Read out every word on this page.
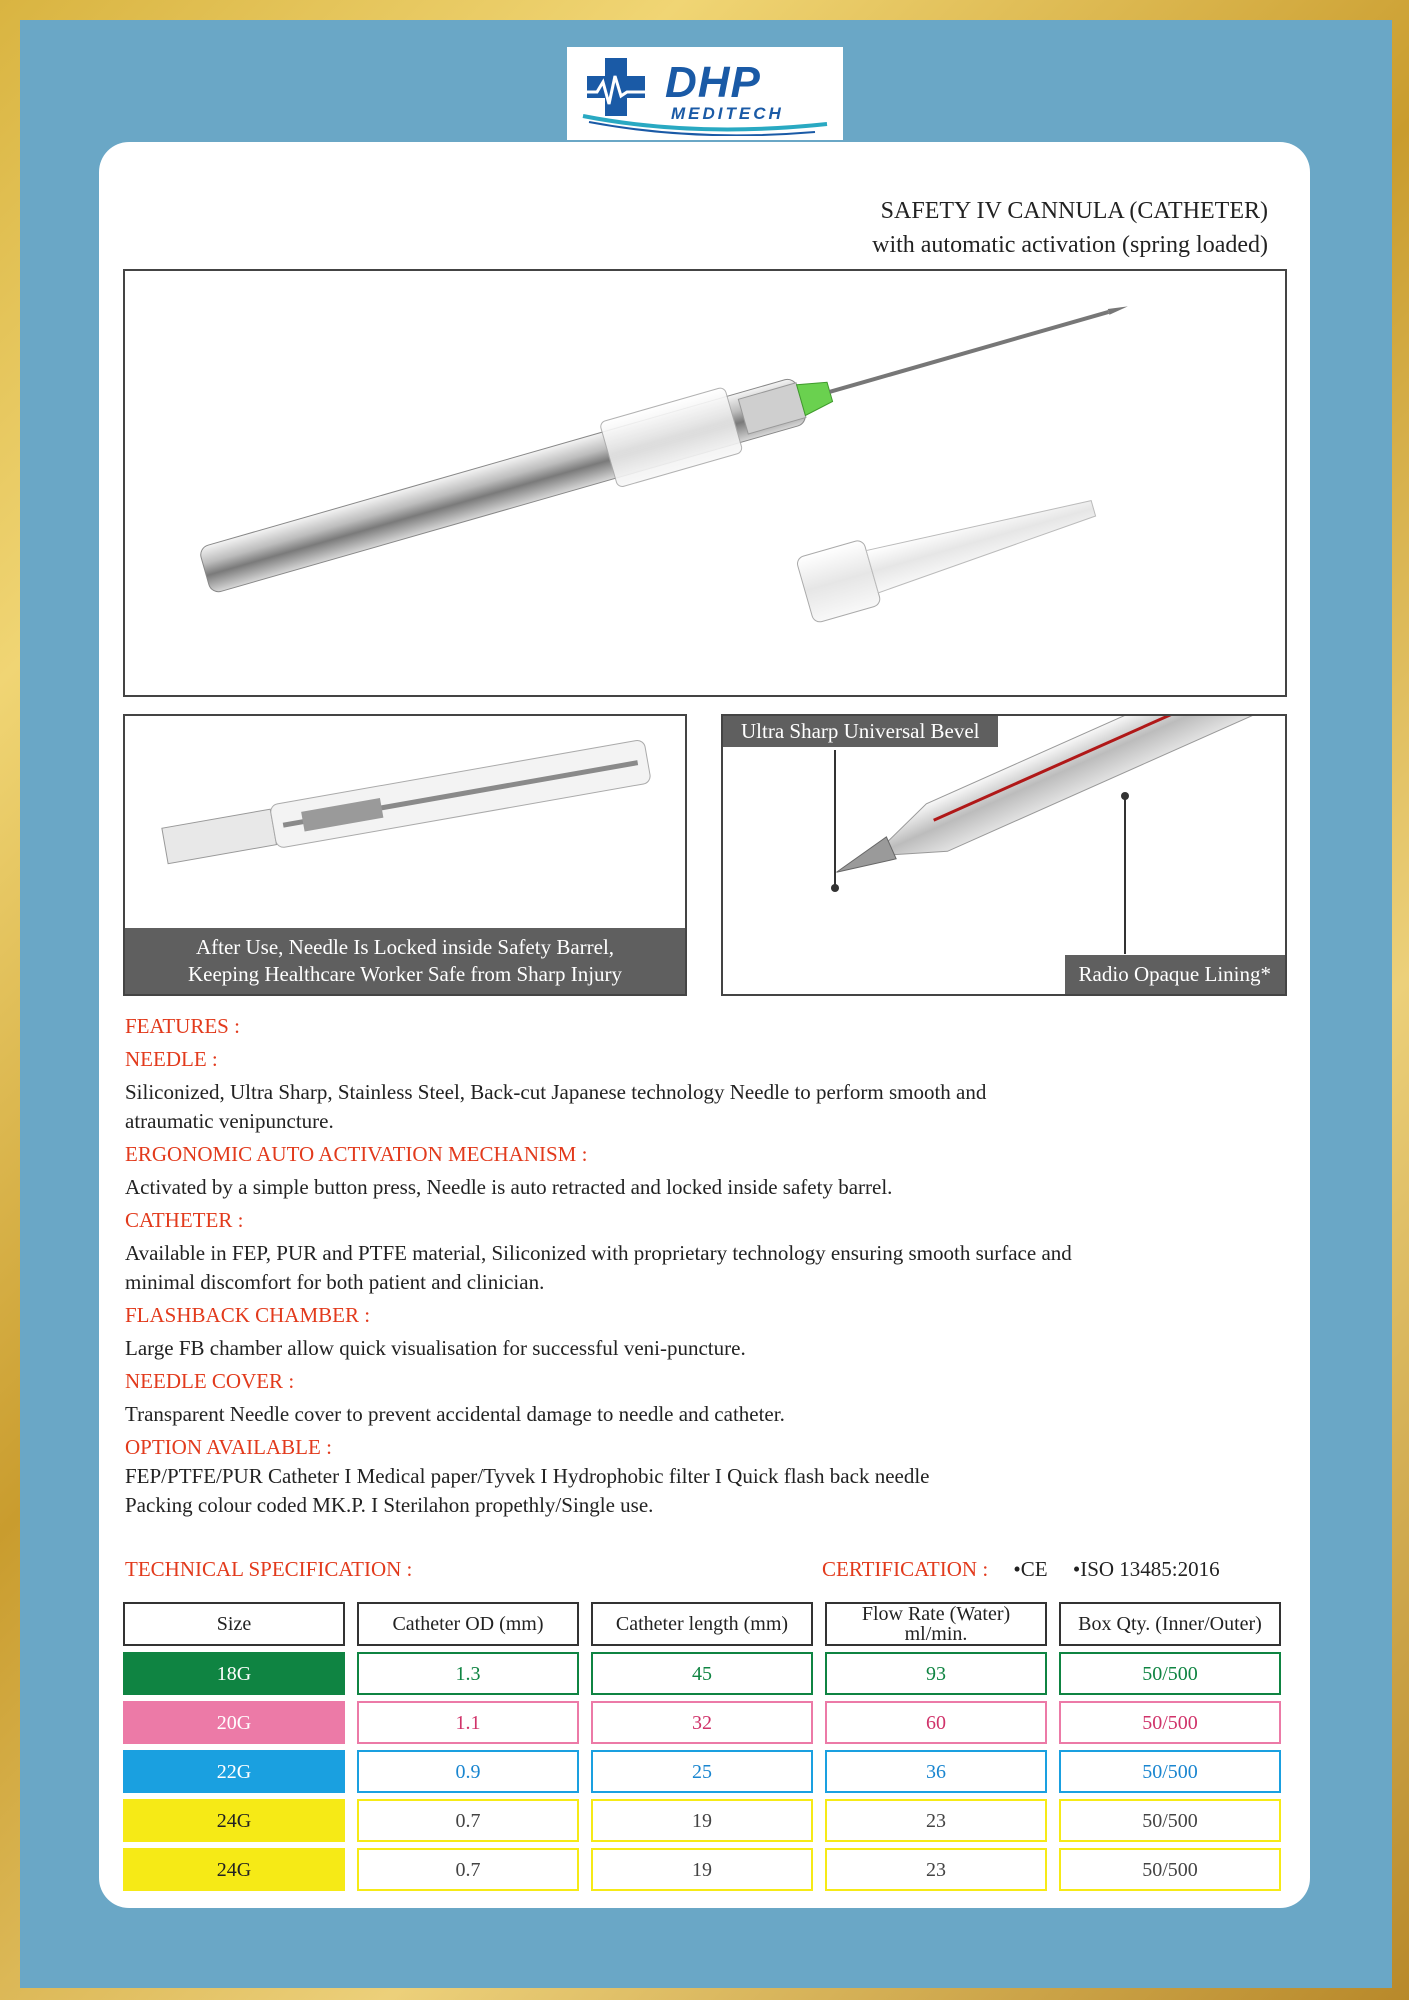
DHP
MEDITECH
SAFETY IV CANNULA (CATHETER)
with automatic activation (spring loaded)
After Use, Needle Is Locked inside Safety Barrel,
Keeping Healthcare Worker Safe from Sharp Injury
Ultra Sharp Universal Bevel
Radio Opaque Lining*
FEATURES :
NEEDLE :
Siliconized, Ultra Sharp, Stainless Steel, Back-cut Japanese technology Needle to perform smooth and
atraumatic venipuncture.
ERGONOMIC AUTO ACTIVATION MECHANISM :
Activated by a simple button press, Needle is auto retracted and locked inside safety barrel.
CATHETER :
Available in FEP, PUR and PTFE material, Siliconized with proprietary technology ensuring smooth surface and
minimal discomfort for both patient and clinician.
FLASHBACK CHAMBER :
Large FB chamber allow quick visualisation for successful veni-puncture.
NEEDLE COVER :
Transparent Needle cover to prevent accidental damage to needle and catheter.
OPTION AVAILABLE :
FEP/PTFE/PUR Catheter I Medical paper/Tyvek I Hydrophobic filter I Quick flash back needle
Packing colour coded MK.P. I Sterilahon propethly/Single use.
TECHNICAL SPECIFICATION :	CERTIFICATION : •CE •ISO 13485:2016
Size	Catheter OD (mm)	Catheter length (mm)	Flow Rate (Water) ml/min.	Box Qty. (Inner/Outer)
18G	1.3	45	93	50/500
20G	1.1	32	60	50/500
22G	0.9	25	36	50/500
24G	0.7	19	23	50/500
24G	0.7	19	23	50/500
